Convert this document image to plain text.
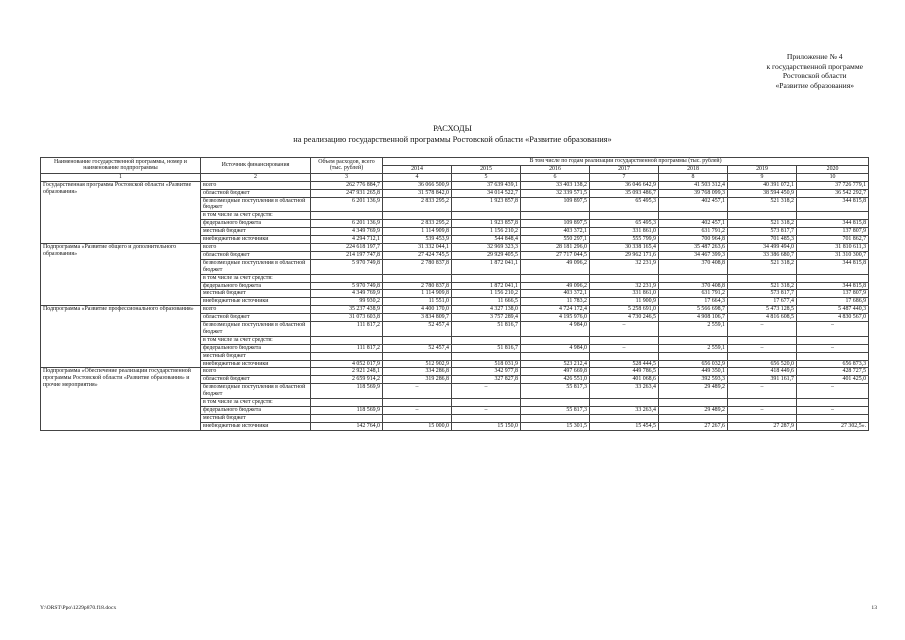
Приложение № 4
к государственной программе
Ростовской области
«Развитие образования»
РАСХОДЫ
на реализацию государственной программы Ростовской области «Развитие образования»
Наименование государственной программы, номер и наименование подпрограммы	Источник финансирования	Объем расходов, всего (тыс. рублей)	В том числе по годам реализации государственной программы (тыс. рублей)						
			2014	2015	2016	2017	2018	2019	2020
1	2	3	4	5	6	7	8	9	10
Государственная программа Ростовской области «Развитие образования»	всего	262 776 884,7	36 066 500,9	37 639 439,1	33 403 138,2	36 046 642,9	41 503 312,4	40 391 072,1	37 726 779,1
	областной бюджет	247 931 265,8	31 578 842,0	34 014 522,7	32 339 571,5	35 093 486,7	39 768 099,3	38 594 450,9	36 542 292,7
	безвозмездные поступления в областной бюджет	6 201 136,9	2 833 295,2	1 923 857,8	109 897,5	65 495,3	402 457,1	521 318,2	344 815,8
	в том числе за счет средств:								
	федерального бюджета	6 201 136,9	2 833 295,2	1 923 857,8	109 897,5	65 495,3	402 457,1	521 318,2	344 815,8
	местный бюджет	4 349 769,9	1 114 909,8	1 156 210,2	403 372,1	331 861,0	631 791,2	573 817,7	137 807,9
	внебюджетные источники	4 294 712,1	539 453,9	544 848,4	550 297,1	555 799,9	700 964,8	701 485,3	701 862,7
Подпрограмма «Развитие общего и дополнительного образования»	всего	224 618 197,7	31 332 044,1	32 969 323,3	28 181 296,0	30 338 165,4	35 487 263,6	34 499 494,0	31 810 611,3
	областной бюджет	214 197 747,8	27 424 745,5	29 929 405,5	27 717 044,5	29 962 171,6	34 467 399,3	33 386 680,7	31 310 300,7
	безвозмездные поступления в областной бюджет	5 970 749,8	2 780 837,8	1 872 041,1	49 096,2	32 231,9	370 408,8	521 318,2	344 815,8
	в том числе за счет средств:								
	федерального бюджета	5 970 749,8	2 780 837,8	1 872 041,1	49 096,2	32 231,9	370 408,8	521 318,2	344 815,8
	местный бюджет	4 349 769,9	1 114 909,8	1 156 210,2	403 372,1	331 861,0	631 791,2	573 817,7	137 807,9
	внебюджетные источники	99 930,2	11 551,0	11 666,5	11 783,2	11 900,9	17 664,3	17 677,4	17 686,9
Подпрограмма «Развитие профессионального образования»	всего	35 237 438,9	4 400 170,0	4 327 138,0	4 724 172,4	5 258 691,0	5 566 698,7	5 473 128,5	5 487 440,3
	областной бюджет	31 073 603,8	3 834 809,7	3 757 289,4	4 195 976,0	4 730 246,5	4 908 106,7	4 816 608,5	4 830 567,0
	безвозмездные поступления в областной бюджет	111 817,2	52 457,4	51 816,7	4 984,0	–	2 559,1	–	–
	в том числе за счет средств:								
	федерального бюджета	111 817,2	52 457,4	51 816,7	4 984,0	–	2 559,1	–	–
	местный бюджет								
	внебюджетные источники	4 052 017,9	512 902,9	518 031,9	523 212,4	528 444,5	656 032,9	656 520,0	656 873,3
Подпрограмма «Обеспечение реализации государственной программы Ростовской области «Развитие образования» и прочие мероприятия»	всего	2 921 248,1	334 286,8	342 977,8	497 669,8	449 786,5	449 350,1	418 449,6	428 727,5
	областной бюджет	2 659 914,2	319 286,8	327 827,8	426 551,0	401 068,6	392 593,3	391 161,7	401 425,0
	безвозмездные поступления в областной бюджет	118 569,9	–	–	55 817,3	33 263,4	29 489,2	–	–
	в том числе за счет средств:								
	федерального бюджета	118 569,9	–	–	55 817,3	33 263,4	29 489,2	–	–
	местный бюджет								
	внебюджетные источники	142 764,0	15 000,0	15 150,0	15 301,5	15 454,5	27 267,6	27 287,9	27 302,5».
Y:\ORST\Ppo\1229p870.f18.docx	13
